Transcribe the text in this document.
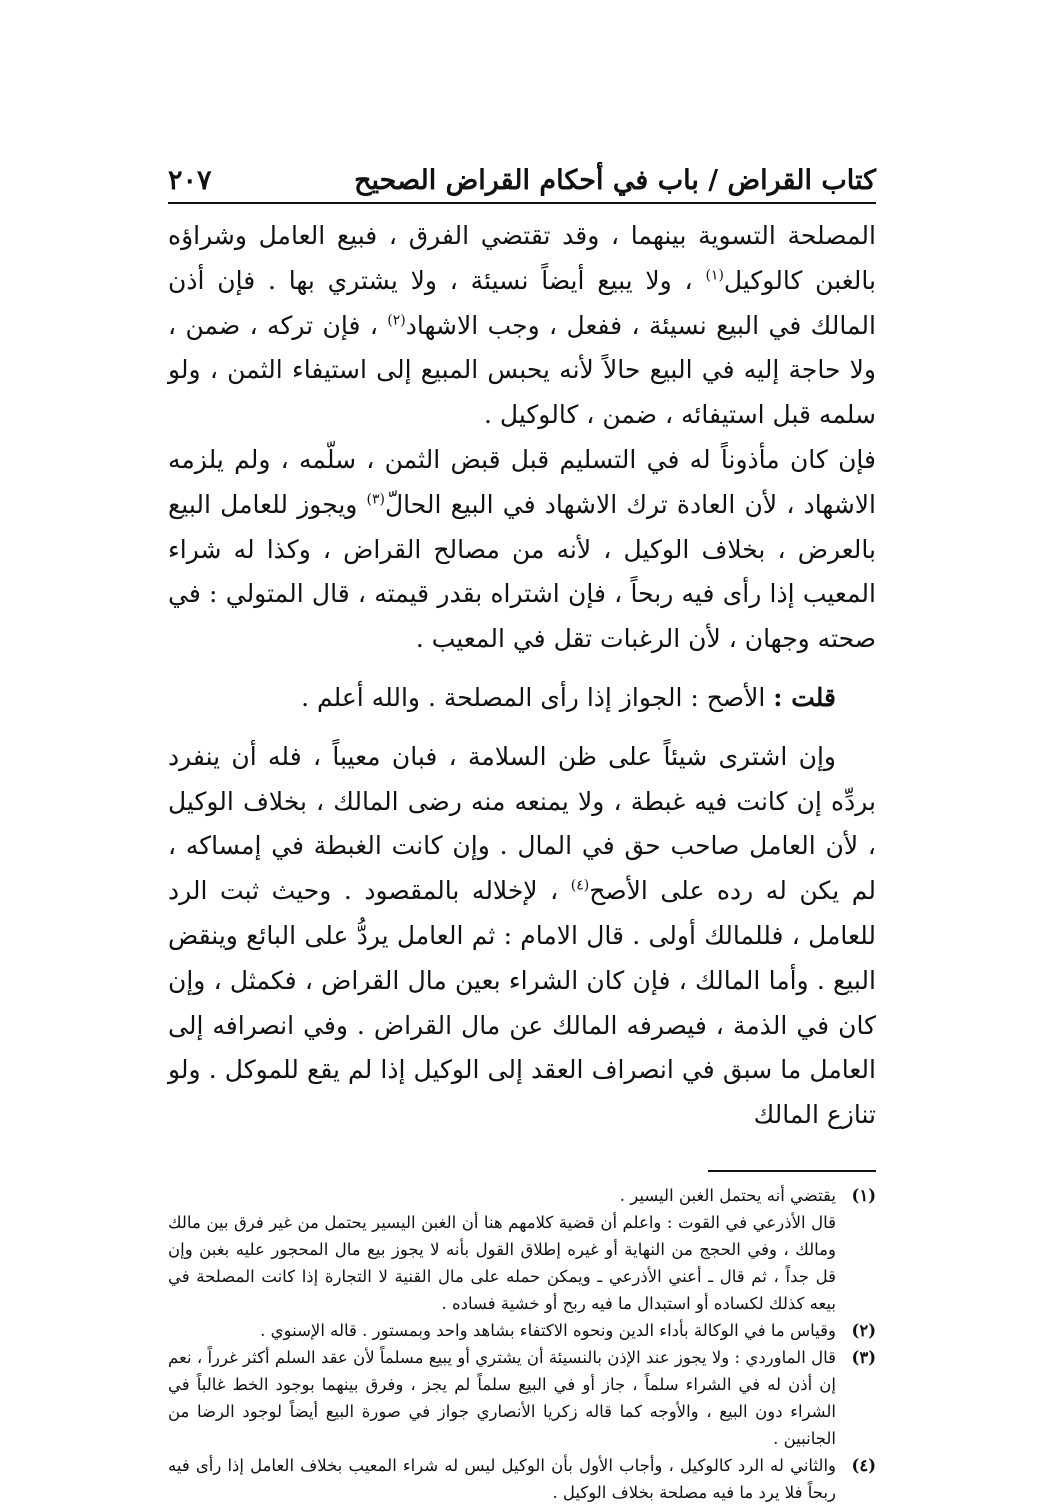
كتاب القراض / باب في أحكام القراض الصحيح
٢٠٧

المصلحة التسوية بينهما ، وقد تقتضي الفرق ، فبيع العامل وشراؤه بالغبن كالوكيل$^{(١)}$ ، ولا يبيع أيضاً نسيئة ، ولا يشتري بها . فإن أذن المالك في البيع نسيئة ، ففعل ، وجب الاشهاد$^{(٢)}$ ، فإن تركه ، ضمن ، ولا حاجة إليه في البيع حالاً لأنه يحبس المبيع إلى استيفاء الثمن ، ولو سلمه قبل استيفائه ، ضمن ، كالوكيل .

فإن كان مأذوناً له في التسليم قبل قبض الثمن ، سلّمه ، ولم يلزمه الاشهاد ، لأن العادة ترك الاشهاد في البيع الحالّ$^{(٣)}$ ويجوز للعامل البيع بالعرض ، بخلاف الوكيل ، لأنه من مصالح القراض ، وكذا له شراء المعيب إذا رأى فيه ربحاً ، فإن اشتراه بقدر قيمته ، قال المتولي : في صحته وجهان ، لأن الرغبات تقل في المعيب .

قلت : الأصح : الجواز إذا رأى المصلحة . والله أعلم .

وإن اشترى شيئاً على ظن السلامة ، فبان معيباً ، فله أن ينفرد بردِّه إن كانت فيه غبطة ، ولا يمنعه منه رضى المالك ، بخلاف الوكيل ، لأن العامل صاحب حق في المال . وإن كانت الغبطة في إمساكه ، لم يكن له رده على الأصح$^{(٤)}$ ، لإخلاله بالمقصود . وحيث ثبت الرد للعامل ، فللمالك أولى . قال الامام : ثم العامل يردُّ على البائع وينقض البيع . وأما المالك ، فإن كان الشراء بعين مال القراض ، فكمثل ، وإن كان في الذمة ، فيصرفه المالك عن مال القراض . وفي انصرافه إلى العامل ما سبق في انصراف العقد إلى الوكيل إذا لم يقع للموكل . ولو تنازع المالك

(١)
يقتضي أنه يحتمل الغبن اليسير .

قال الأذرعي في القوت : واعلم أن قضية كلامهم هنا أن الغبن اليسير يحتمل من غير فرق بين مالك ومالك ، وفي الحجج من النهاية أو غيره إطلاق القول بأنه لا يجوز بيع مال المحجور عليه بغبن وإن قل جداً ، ثم قال ـ أعني الأذرعي ـ ويمكن حمله على مال القنية لا التجارة إذا كانت المصلحة في بيعه كذلك لكساده أو استبدال ما فيه ربح أو خشية فساده .

(٢)
وقياس ما في الوكالة بأداء الدين ونحوه الاكتفاء بشاهد واحد وبمستور . قاله الإسنوي .
(٣)
قال الماوردي : ولا يجوز عند الإذن بالنسيئة أن يشتري أو يبيع مسلماً لأن عقد السلم أكثر غرراً ، نعم إن أذن له في الشراء سلماً ، جاز أو في البيع سلماً لم يجز ، وفرق بينهما بوجود الخط غالباً في الشراء دون البيع ، والأوجه كما قاله زكريا الأنصاري جواز في صورة البيع أيضاً لوجود الرضا من الجانبين .
(٤)
والثاني له الرد كالوكيل ، وأجاب الأول بأن الوكيل ليس له شراء المعيب بخلاف العامل إذا رأى فيه ربحاً فلا يرد ما فيه مصلحة بخلاف الوكيل .
